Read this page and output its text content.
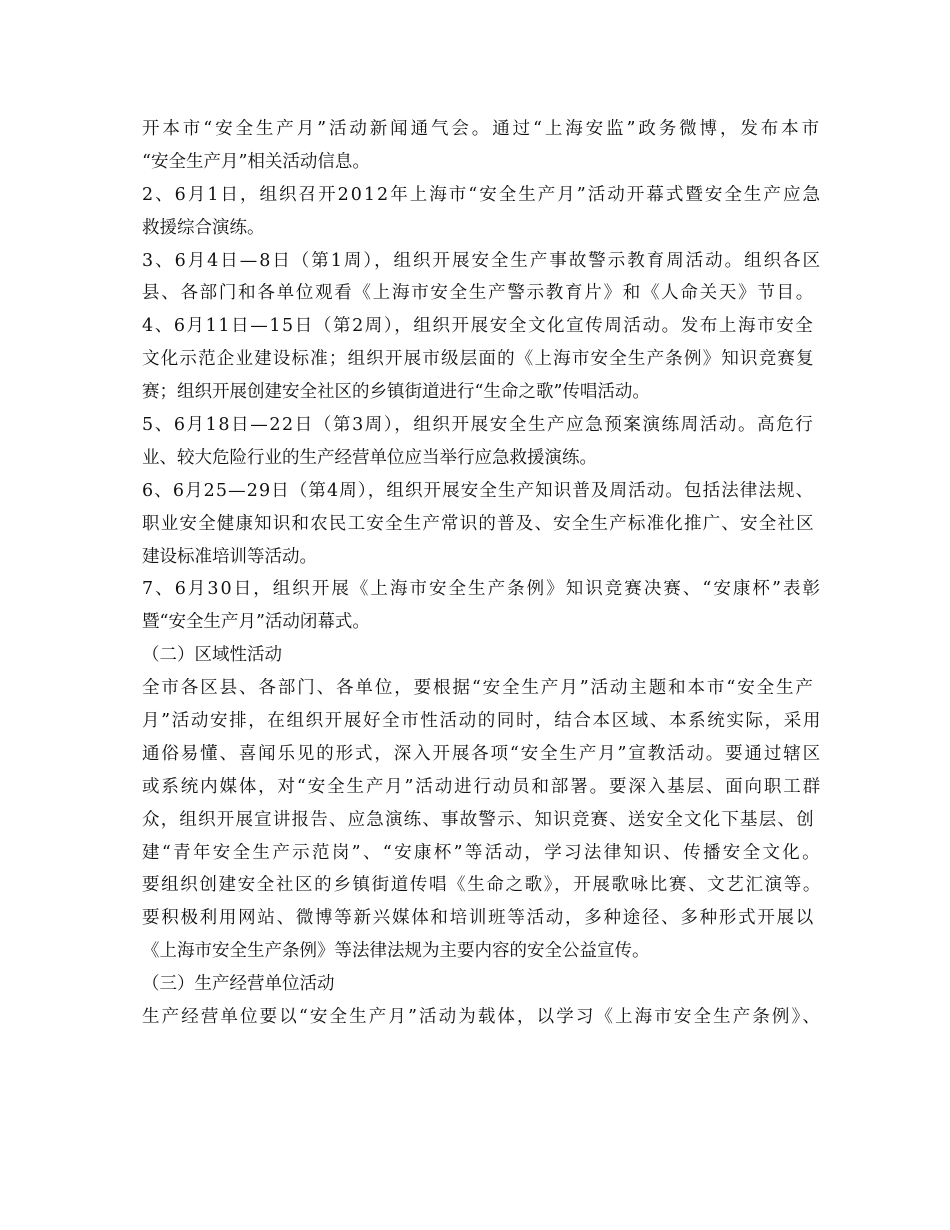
开本市“安全生产月”活动新闻通气会。通过“上海安监”政务微博，发布本市
“安全生产月”相关活动信息。
2、6月1日，组织召开2012年上海市“安全生产月”活动开幕式暨安全生产应急
救援综合演练。
3、6月4日—8日（第1周），组织开展安全生产事故警示教育周活动。组织各区
县、各部门和各单位观看《上海市安全生产警示教育片》和《人命关天》节目。
4、6月11日—15日（第2周），组织开展安全文化宣传周活动。发布上海市安全
文化示范企业建设标准；组织开展市级层面的《上海市安全生产条例》知识竞赛复
赛；组织开展创建安全社区的乡镇街道进行“生命之歌”传唱活动。
5、6月18日—22日（第3周），组织开展安全生产应急预案演练周活动。高危行
业、较大危险行业的生产经营单位应当举行应急救援演练。
6、6月25—29日（第4周），组织开展安全生产知识普及周活动。包括法律法规、
职业安全健康知识和农民工安全生产常识的普及、安全生产标准化推广、安全社区
建设标准培训等活动。
7、6月30日，组织开展《上海市安全生产条例》知识竞赛决赛、“安康杯”表彰
暨“安全生产月”活动闭幕式。
（二）区域性活动
全市各区县、各部门、各单位，要根据“安全生产月”活动主题和本市“安全生产
月”活动安排，在组织开展好全市性活动的同时，结合本区域、本系统实际，采用
通俗易懂、喜闻乐见的形式，深入开展各项“安全生产月”宣教活动。要通过辖区
或系统内媒体，对“安全生产月”活动进行动员和部署。要深入基层、面向职工群
众，组织开展宣讲报告、应急演练、事故警示、知识竞赛、送安全文化下基层、创
建“青年安全生产示范岗”、“安康杯”等活动，学习法律知识、传播安全文化。
要组织创建安全社区的乡镇街道传唱《生命之歌》，开展歌咏比赛、文艺汇演等。
要积极利用网站、微博等新兴媒体和培训班等活动，多种途径、多种形式开展以
《上海市安全生产条例》等法律法规为主要内容的安全公益宣传。
（三）生产经营单位活动
生产经营单位要以“安全生产月”活动为载体，以学习《上海市安全生产条例》、
